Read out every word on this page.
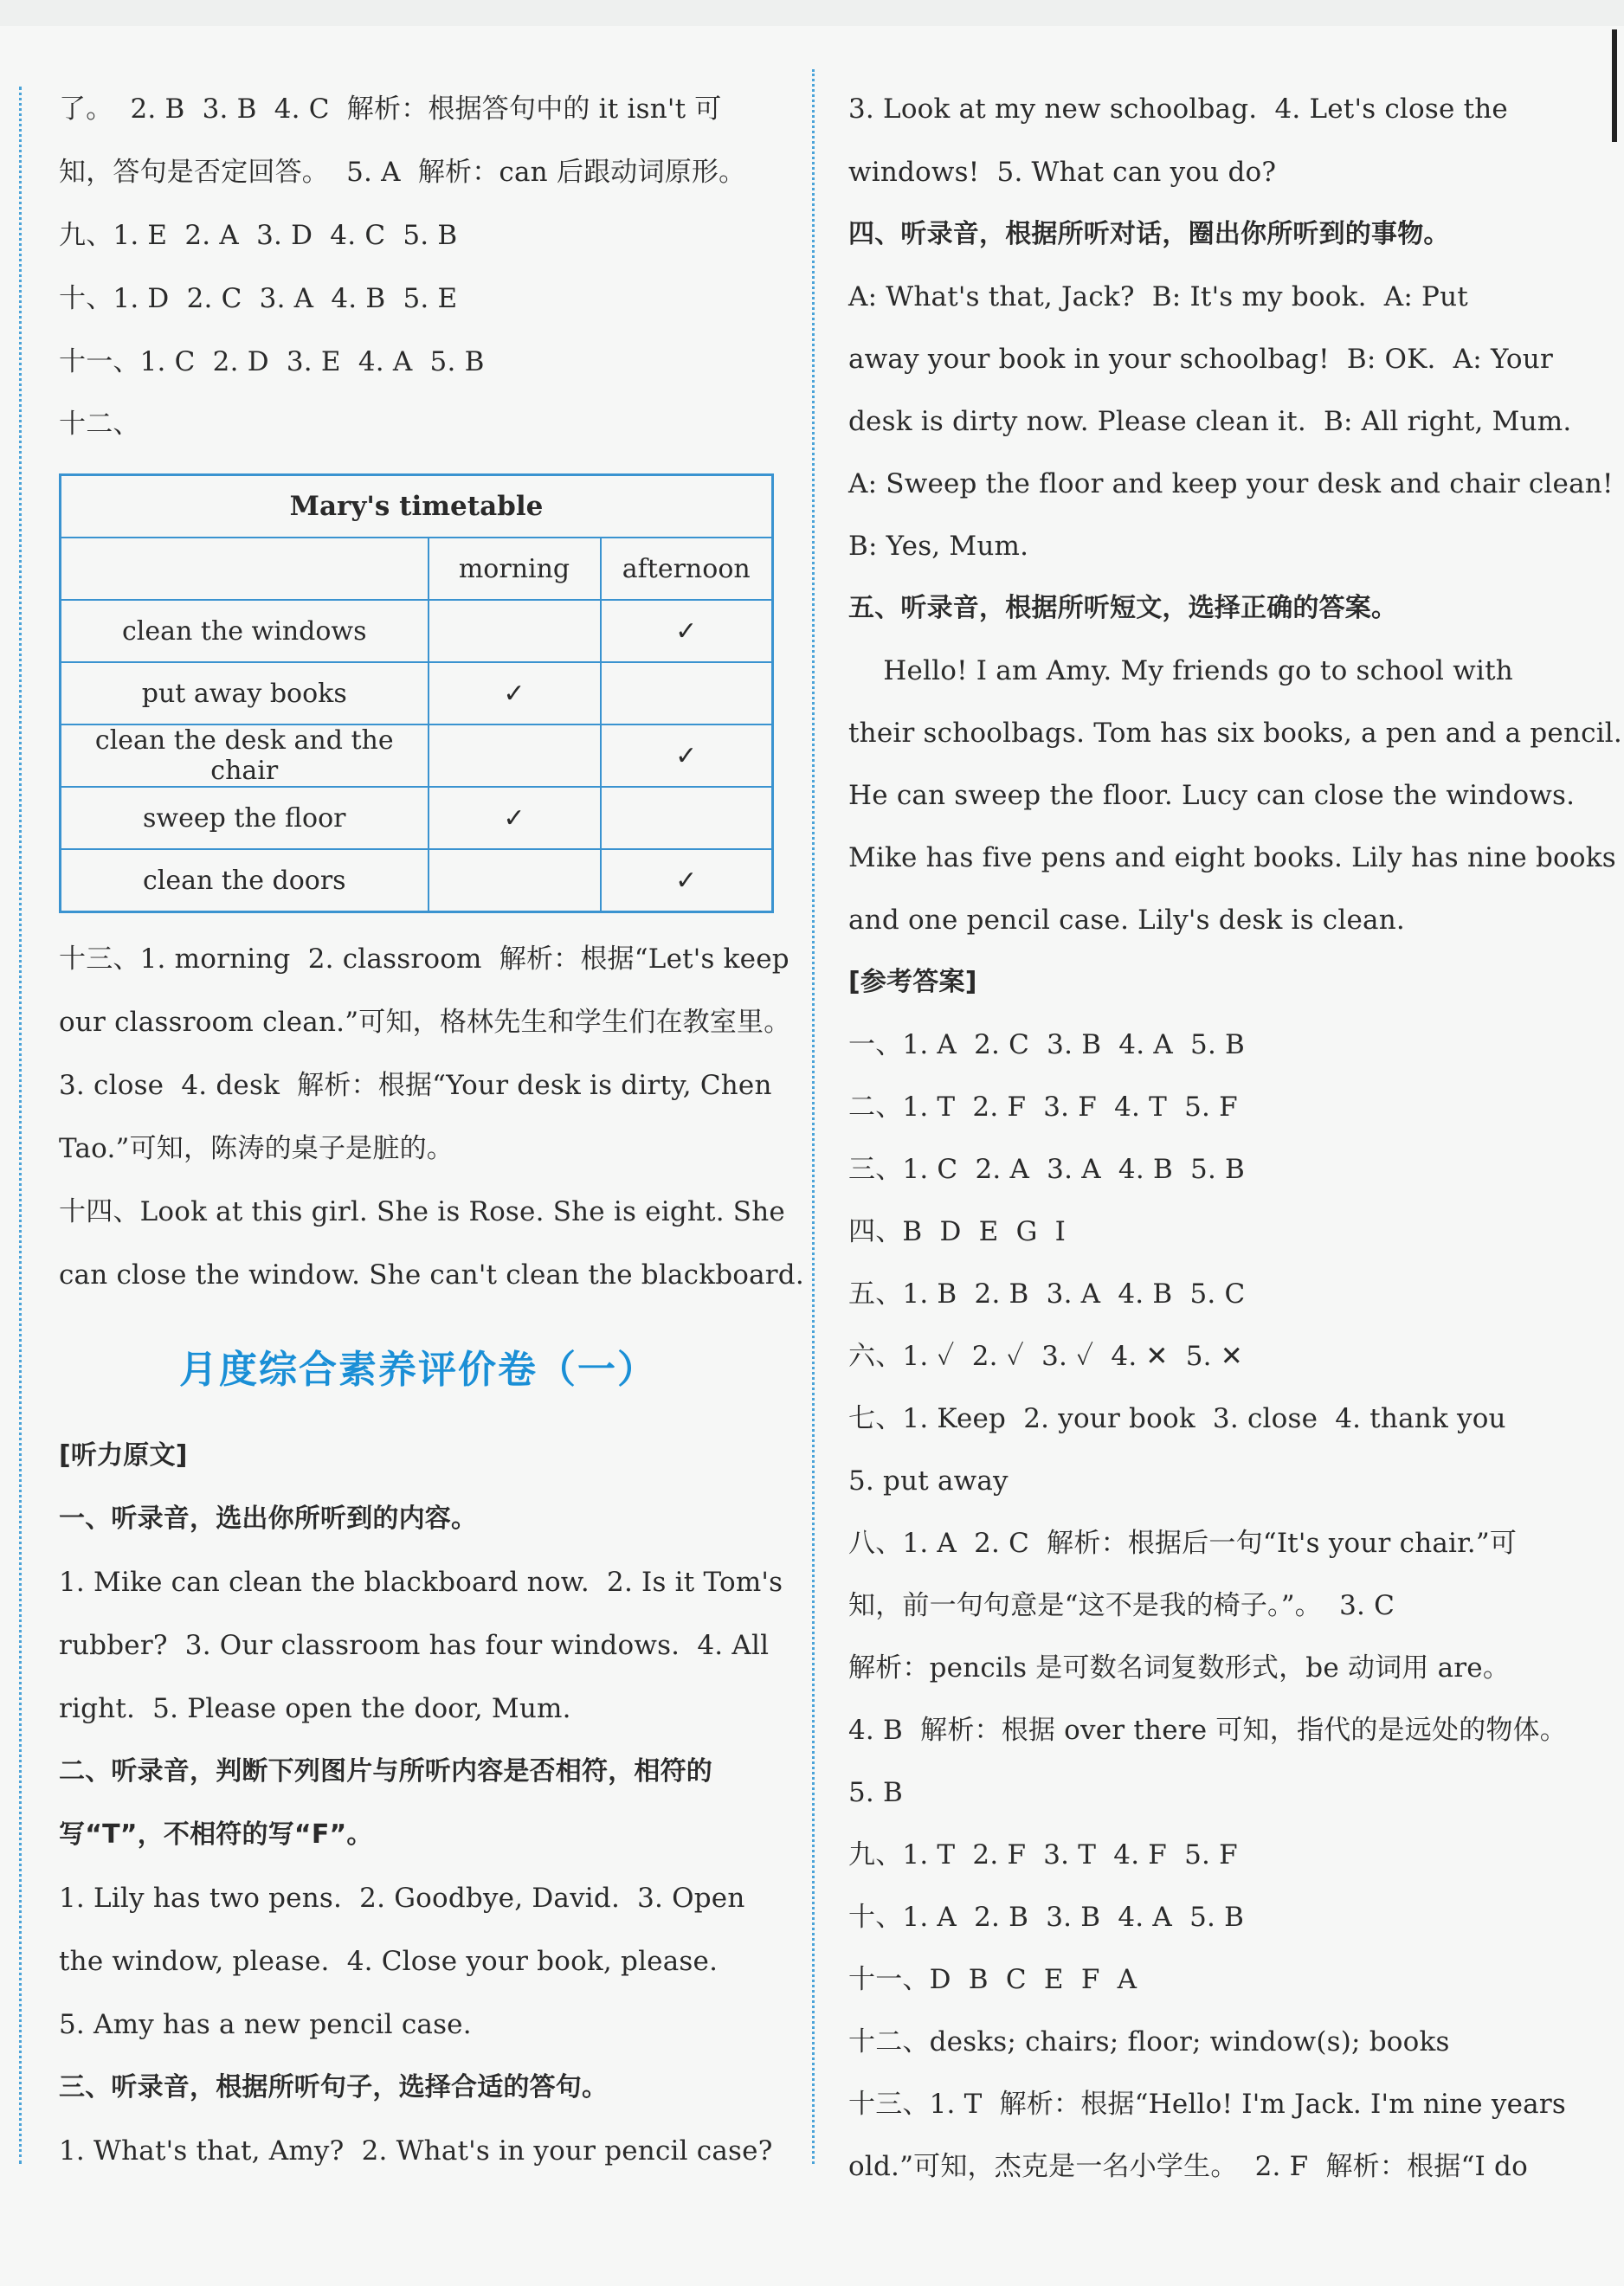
了。  2. B  3. B  4. C  解析：根据答句中的 it isn't 可
知，答句是否定回答。  5. A  解析：can 后跟动词原形。
九、1. E  2. A  3. D  4. C  5. B
十、1. D  2. C  3. A  4. B  5. E
十一、1. C  2. D  3. E  4. A  5. B
十二、
Mary's timetable		
	morning	afternoon
clean the windows		✓
put away books	✓	
clean the desk and the chair		✓
sweep the floor	✓	
clean the doors		✓
十三、1. morning  2. classroom  解析：根据“Let's keep
our classroom clean.”可知，格林先生和学生们在教室里。
3. close  4. desk  解析：根据“Your desk is dirty, Chen
Tao.”可知，陈涛的桌子是脏的。
十四、Look at this girl. She is Rose. She is eight. She
can close the window. She can't clean the blackboard.
月度综合素养评价卷（一）
[听力原文]
一、听录音，选出你所听到的内容。
1. Mike can clean the blackboard now.  2. Is it Tom's
rubber?  3. Our classroom has four windows.  4. All
right.  5. Please open the door, Mum.
二、听录音，判断下列图片与所听内容是否相符，相符的
写“T”，不相符的写“F”。
1. Lily has two pens.  2. Goodbye, David.  3. Open
the window, please.  4. Close your book, please.
5. Amy has a new pencil case.
三、听录音，根据所听句子，选择合适的答句。
1. What's that, Amy?  2. What's in your pencil case?
3. Look at my new schoolbag.  4. Let's close the
windows!  5. What can you do?
四、听录音，根据所听对话，圈出你所听到的事物。
A: What's that, Jack?  B: It's my book.  A: Put
away your book in your schoolbag!  B: OK.  A: Your
desk is dirty now. Please clean it.  B: All right, Mum.
A: Sweep the floor and keep your desk and chair clean!
B: Yes, Mum.
五、听录音，根据所听短文，选择正确的答案。
Hello! I am Amy. My friends go to school with
their schoolbags. Tom has six books, a pen and a pencil.
He can sweep the floor. Lucy can close the windows.
Mike has five pens and eight books. Lily has nine books
and one pencil case. Lily's desk is clean.
[参考答案]
一、1. A  2. C  3. B  4. A  5. B
二、1. T  2. F  3. F  4. T  5. F
三、1. C  2. A  3. A  4. B  5. B
四、B  D  E  G  I
五、1. B  2. B  3. A  4. B  5. C
六、1. ✓  2. ✓  3. ✓  4. ✕  5. ✕
七、1. Keep  2. your book  3. close  4. thank you
5. put away
八、1. A  2. C  解析：根据后一句“It's your chair.”可
知，前一句句意是“这不是我的椅子。”。  3. C
解析：pencils 是可数名词复数形式，be 动词用 are。
4. B  解析：根据 over there 可知，指代的是远处的物体。
5. B
九、1. T  2. F  3. T  4. F  5. F
十、1. A  2. B  3. B  4. A  5. B
十一、D  B  C  E  F  A
十二、desks; chairs; floor; window(s); books
十三、1. T  解析：根据“Hello! I'm Jack. I'm nine years
old.”可知，杰克是一名小学生。  2. F  解析：根据“I do
